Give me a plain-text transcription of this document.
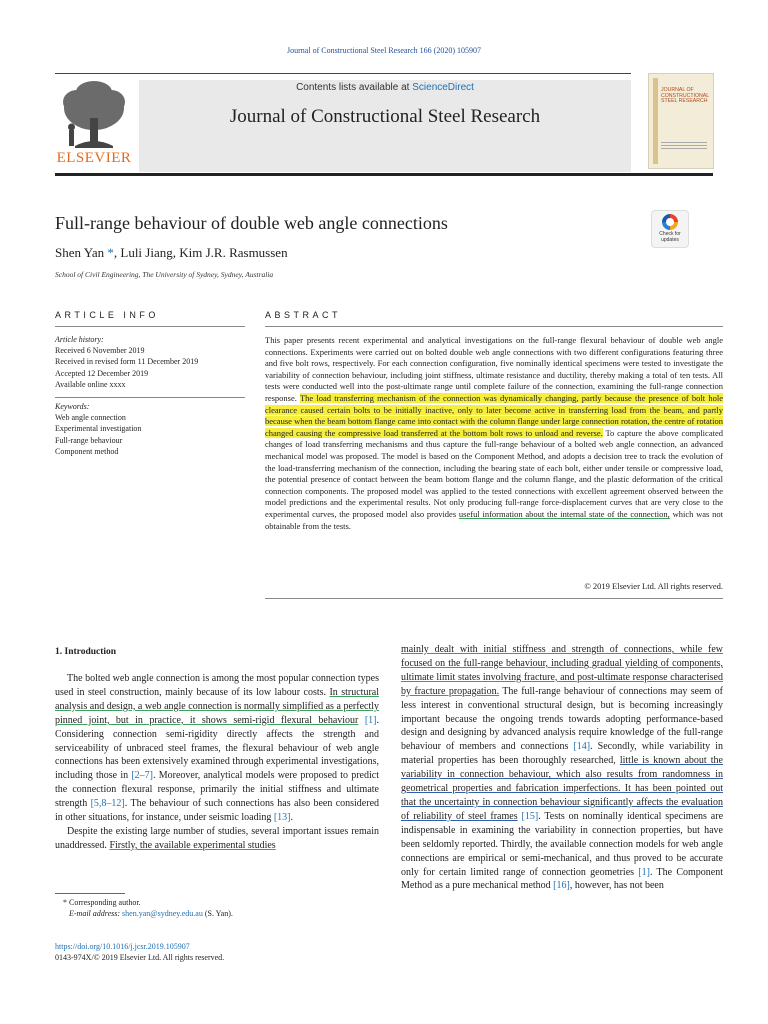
Journal of Constructional Steel Research 166 (2020) 105907
ELSEVIER
Contents lists available at ScienceDirect
Journal of Constructional Steel Research
JOURNAL OF CONSTRUCTIONAL STEEL RESEARCH
Full-range behaviour of double web angle connections
Check for updates
Shen Yan *, Luli Jiang, Kim J.R. Rasmussen
School of Civil Engineering, The University of Sydney, Sydney, Australia
ARTICLE INFO	ABSTRACT
Article history:
Received 6 November 2019
Received in revised form 11 December 2019
Accepted 12 December 2019
Available online xxxx
Keywords:
Web angle connection
Experimental investigation
Full-range behaviour
Component method
This paper presents recent experimental and analytical investigations on the full-range flexural behaviour of double web angle connections. Experiments were carried out on bolted double web angle connections with two different configurations featuring three and five bolt rows, respectively. For each connection configuration, five nominally identical specimens were tested to investigate the variability of connection behaviour, including joint stiffness, ultimate resistance and ductility, thereby making a total of ten tests. All tests were conducted well into the post-ultimate range until complete failure of the connection, examining the full-range connection response. The load transferring mechanism of the connection was dynamically changing, partly because the presence of bolt hole clearance caused certain bolts to be initially inactive, only to later become active in transferring load from the beam, and partly because when the beam bottom flange came into contact with the column flange under large connection rotation, the centre of rotation changed causing the compressive load transferred at the bottom bolt rows to unload and reverse. To capture the above complicated changes of load transferring mechanisms and thus capture the full-range behaviour of a bolted web angle connection, an advanced mechanical model was proposed. The model is based on the Component Method, and adopts a decision tree to track the evolution of the load-transferring mechanism of the connection, including the bearing state of each bolt, either under tensile or compressive load, the potential presence of contact between the beam bottom flange and the column flange, and the plastic deformation of the critical connection components. The proposed model was applied to the tested connections with excellent agreement observed between the model predictions and the experimental results. Not only producing full-range force-displacement curves that are very close to the experimental curves, the proposed model also provides useful information about the internal state of the connection, which was not obtainable from the tests.
© 2019 Elsevier Ltd. All rights reserved.
1. Introduction

The bolted web angle connection is among the most popular connection types used in steel construction, mainly because of its low labour costs. In structural analysis and design, a web angle connection is normally simplified as a perfectly pinned joint, but in practice, it shows semi-rigid flexural behaviour [1]. Considering connection semi-rigidity directly affects the strength and serviceability of unbraced steel frames, the flexural behaviour of web angle connections has been extensively examined through experimental investigations, including those in [2–7]. Moreover, analytical models were proposed to predict the connection flexural response, primarily the initial stiffness and ultimate strength [5,8–12]. The behaviour of such connections has also been considered in other situations, for instance, under seismic loading [13].

Despite the existing large number of studies, several important issues remain unaddressed. Firstly, the available experimental studies

mainly dealt with initial stiffness and strength of connections, while few focused on the full-range behaviour, including gradual yielding of components, ultimate limit states involving fracture, and post-ultimate response characterised by fracture propagation. The full-range behaviour of connections may seem of less interest in conventional structural design, but is becoming increasingly important because the ongoing trends towards adopting performance-based design and designing by advanced analysis require knowledge of the full-range behaviour of members and connections [14]. Secondly, while variability in material properties has been thoroughly researched, little is known about the variability in connection behaviour, which also results from randomness in geometrical properties and fabrication imperfections. It has been pointed out that the uncertainty in connection behaviour significantly affects the evaluation of reliability of steel frames [15]. Tests on nominally identical specimens are indispensable in examining the variability in connection properties, but have been seldomly reported. Thirdly, the available connection models for web angle connections are empirical or semi-mechanical, and thus proved to be accurate only for certain limited range of connection geometries [1]. The Component Method as a pure mechanical method [16], however, has not been

* Corresponding author.
E-mail address: shen.yan@sydney.edu.au (S. Yan).
https://doi.org/10.1016/j.jcsr.2019.105907
0143-974X/© 2019 Elsevier Ltd. All rights reserved.
